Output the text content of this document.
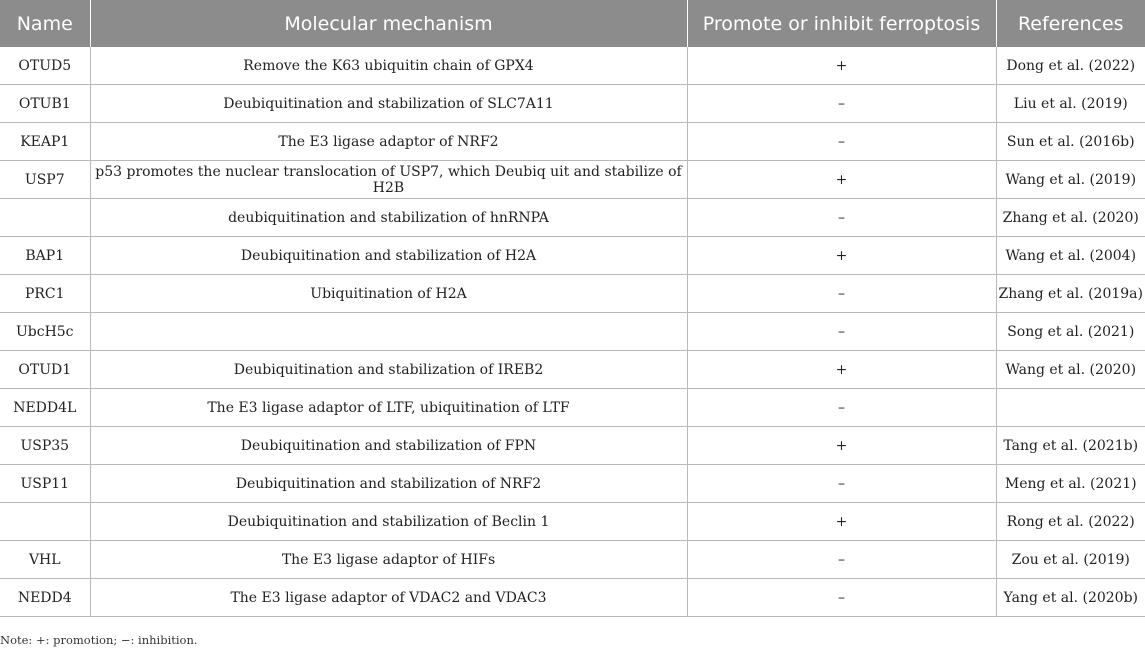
Name	Molecular mechanism	Promote or inhibit ferroptosis	References
OTUD5	Remove the K63 ubiquitin chain of GPX4	+	Dong et al. (2022)
OTUB1	Deubiquitination and stabilization of SLC7A11	–	Liu et al. (2019)
KEAP1	The E3 ligase adaptor of NRF2	–	Sun et al. (2016b)
USP7	p53 promotes the nuclear translocation of USP7, which Deubiq uit and stabilize of H2B	+	Wang et al. (2019)
	deubiquitination and stabilization of hnRNPA	–	Zhang et al. (2020)
BAP1	Deubiquitination and stabilization of H2A	+	Wang et al. (2004)
PRC1	Ubiquitination of H2A	–	Zhang et al. (2019a)
UbcH5c		–	Song et al. (2021)
OTUD1	Deubiquitination and stabilization of IREB2	+	Wang et al. (2020)
NEDD4L	The E3 ligase adaptor of LTF, ubiquitination of LTF	–	
USP35	Deubiquitination and stabilization of FPN	+	Tang et al. (2021b)
USP11	Deubiquitination and stabilization of NRF2	–	Meng et al. (2021)
	Deubiquitination and stabilization of Beclin 1	+	Rong et al. (2022)
VHL	The E3 ligase adaptor of HIFs	–	Zou et al. (2019)
NEDD4	The E3 ligase adaptor of VDAC2 and VDAC3	–	Yang et al. (2020b)
Note: +: promotion; −: inhibition.
